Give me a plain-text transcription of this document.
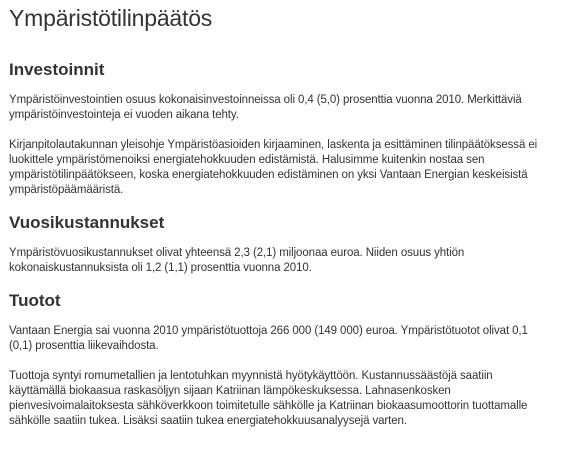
Ympäristötilinpäätös
Investoinnit

Ympäristöinvestointien osuus kokonaisinvestoinneissa oli 0,4 (5,0) prosenttia vuonna 2010. Merkittäviä ympäristöinvestointeja ei vuoden aikana tehty.

Kirjanpitolautakunnan yleisohje Ympäristöasioiden kirjaaminen, laskenta ja esittäminen tilinpäätöksessä ei luokittele ympäristömenoiksi energiatehokkuuden edistämistä. Halusimme kuitenkin nostaa sen ympäristötilinpäätökseen, koska energiatehokkuuden edistäminen on yksi Vantaan Energian keskeisistä ympäristöpäämääristä.

Vuosikustannukset

Ympäristövuosikustannukset olivat yhteensä 2,3 (2,1) miljoonaa euroa. Niiden osuus yhtiön kokonaiskustannuksista oli 1,2 (1,1) prosenttia vuonna 2010.

Tuotot

Vantaan Energia sai vuonna 2010 ympäristötuottoja 266 000 (149 000) euroa. Ympäristötuotot olivat 0,1 (0,1) prosenttia liikevaihdosta.

Tuottoja syntyi romumetallien ja lentotuhkan myynnistä hyötykäyttöön. Kustannussäästöjä saatiin käyttämällä biokaasua raskasöljyn sijaan Katriinan lämpökeskuksessa. Lahnasenkosken pienvesivoimalaitoksesta sähköverkkoon toimitetulle sähkölle ja Katriinan biokaasumoottorin tuottamalle sähkölle saatiin tukea. Lisäksi saatiin tukea energiatehokkuusanalyysejä varten.
